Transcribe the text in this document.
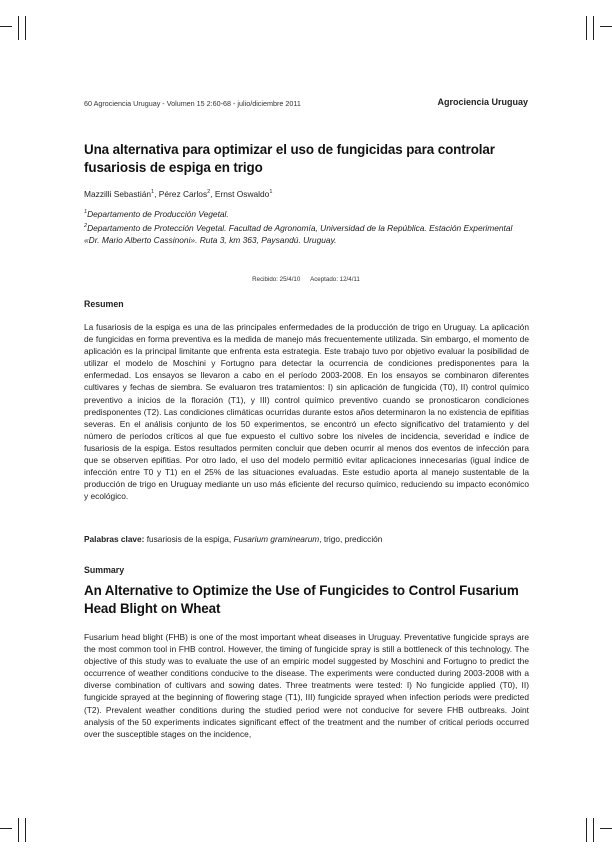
60 Agrociencia Uruguay - Volumen 15 2:60-68 - julio/diciembre 2011	Agrociencia Uruguay
Una alternativa para optimizar el uso de fungicidas para controlar fusariosis de espiga en trigo
Mazzilli Sebastián$^1$, Pérez Carlos$^2$, Ernst Oswaldo$^1$
$^1$Departamento de Producción Vegetal.
$^2$Departamento de Protección Vegetal. Facultad de Agronomía, Universidad de la República. Estación Experimental «Dr. Mario Alberto Cassinoni». Ruta 3, km 363, Paysandú. Uruguay.
Recibido: 25/4/10 Aceptado: 12/4/11
Resumen

La fusariosis de la espiga es una de las principales enfermedades de la producción de trigo en Uruguay. La aplicación de fungicidas en forma preventiva es la medida de manejo más frecuentemente utilizada. Sin embargo, el momento de aplicación es la principal limitante que enfrenta esta estrategia. Este trabajo tuvo por objetivo evaluar la posibilidad de utilizar el modelo de Moschini y Fortugno para detectar la ocurrencia de condiciones predisponentes para la enfermedad. Los ensayos se llevaron a cabo en el período 2003-2008. En los ensayos se combinaron diferentes cultivares y fechas de siembra. Se evaluaron tres tratamientos: I) sin aplicación de fungicida (T0), II) control químico preventivo a inicios de la floración (T1), y III) control químico preventivo cuando se pronosticaron condiciones predisponentes (T2). Las condiciones climáticas ocurridas durante estos años determinaron la no existencia de epifitias severas. En el análisis conjunto de los 50 experimentos, se encontró un efecto significativo del tratamiento y del número de períodos críticos al que fue expuesto el cultivo sobre los niveles de incidencia, severidad e índice de fusariosis de la espiga. Estos resultados permiten concluir que deben ocurrir al menos dos eventos de infección para que se observen epifitias. Por otro lado, el uso del modelo permitió evitar aplicaciones innecesarias (igual índice de infección entre T0 y T1) en el 25% de las situaciones evaluadas. Este estudio aporta al manejo sustentable de la producción de trigo en Uruguay mediante un uso más eficiente del recurso químico, reduciendo su impacto económico y ecológico.

Palabras clave: fusariosis de la espiga, Fusarium graminearum, trigo, predicción
Summary
An Alternative to Optimize the Use of Fungicides to Control Fusarium Head Blight on Wheat

Fusarium head blight (FHB) is one of the most important wheat diseases in Uruguay. Preventative fungicide sprays are the most common tool in FHB control. However, the timing of fungicide spray is still a bottleneck of this technology. The objective of this study was to evaluate the use of an empiric model suggested by Moschini and Fortugno to predict the occurrence of weather conditions conducive to the disease. The experiments were conducted during 2003-2008 with a diverse combination of cultivars and sowing dates. Three treatments were tested: I) No fungicide applied (T0), II) fungicide sprayed at the beginning of flowering stage (T1), III) fungicide sprayed when infection periods were predicted (T2). Prevalent weather conditions during the studied period were not conducive for severe FHB outbreaks. Joint analysis of the 50 experiments indicates significant effect of the treatment and the number of critical periods occurred over the susceptible stages on the incidence,
